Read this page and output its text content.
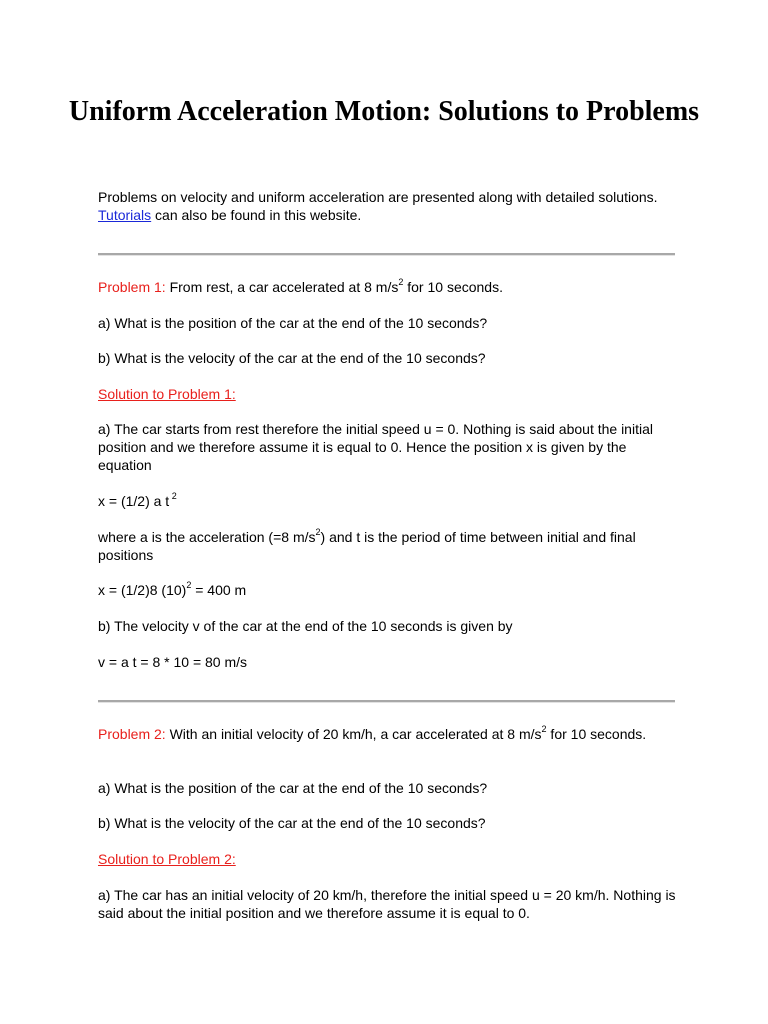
Uniform Acceleration Motion: Solutions to Problems

Problems on velocity and uniform acceleration are presented along with detailed solutions. Tutorials can also be found in this website.

Problem 1: From rest, a car accelerated at 8 $m/s^2$ for 10 seconds.

a) What is the position of the car at the end of the 10 seconds?

b) What is the velocity of the car at the end of the 10 seconds?

Solution to Problem 1:

a) The car starts from rest therefore the initial speed u = 0. Nothing is said about the initial position and we therefore assume it is equal to 0. Hence the position x is given by the equation

x = (1/2) a t $^2$

where a is the acceleration (=8 $m/s^2$) and t is the period of time between initial and final positions

x = (1/2)8 $(10)^2 = 400$ m

b) The velocity v of the car at the end of the 10 seconds is given by

v = a t = 8 * 10 = 80 m/s

Problem 2: With an initial velocity of 20 km/h, a car accelerated at 8 $m/s^2$ for 10 seconds.

a) What is the position of the car at the end of the 10 seconds?

b) What is the velocity of the car at the end of the 10 seconds?

Solution to Problem 2:

a) The car has an initial velocity of 20 km/h, therefore the initial speed u = 20 km/h. Nothing is said about the initial position and we therefore assume it is equal to 0.
